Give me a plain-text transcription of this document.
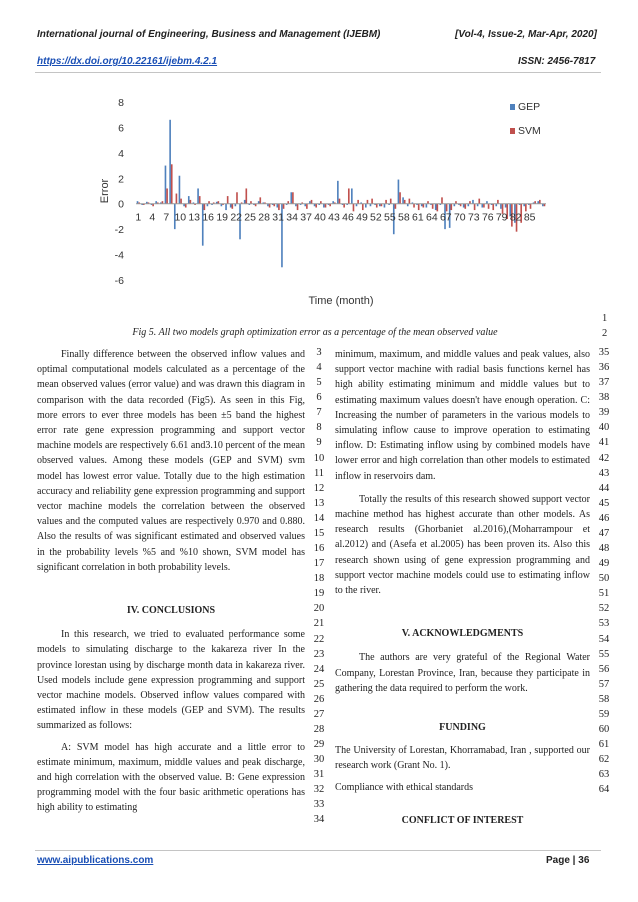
International journal of Engineering, Business and Management (IJEBM)	[Vol-4, Issue-2, Mar-Apr, 2020]
https://dx.doi.org/10.22161/ijebm.4.2.1	ISSN: 2456-7817
8
6
4
2
0
-2
-4
-6
1 4 7 10 13 16 19 22 25 28 31 34 37 40 43 46 49 52 55 58 61 64 67 70 73 76 79 82 85
Error
Time (month)
GEP
SVM
Fig 5. All two models graph optimization error as a percentage of the mean observed value
1
2

Finally difference between the observed inflow values and optimal computational models calculated as a percentage of the mean observed values (error value) and was drawn this diagram in comparison with the data recorded (Fig5). As seen in this Fig, more errors to ever three models has been ±5 band the highest error rate gene expression programming and support vector machine models are respectively 6.61 and3.10 percent of the mean observed values. Among these models (GEP and SVM) svm model has lowest error value. Totally due to the high estimation accuracy and reliability gene expression programming and support vector machine models the correlation between the observed values and the computed values are respectively 0.970 and 0.880. Also the results of was significant estimated and observed values in the probability levels %5 and %10 shown, SVM model has significant correlation in both probability levels.

IV. CONCLUSIONS

In this research, we tried to evaluated performance some models to simulating discharge to the kakareza river In the province lorestan using by discharge month data in kakareza river. Used models include gene expression programming and support vector machine models. Observed inflow values compared with estimated inflow in these models (GEP and SVM). The results summarized as follows:

A: SVM model has high accurate and a little error to estimate minimum, maximum, middle values and peak discharge, and high correlation with the observed value. B: Gene expression programming model with the four basic arithmetic operations has high ability to estimating

3
4
5
6
7
8
9
10
11
12
13
14
15
16
17
18
19
20
21
22
23
24
25
26
27
28
29
30
31
32
33
34

minimum, maximum, and middle values and peak values, also support vector machine with radial basis functions kernel has high ability estimating minimum and middle values but to estimating maximum values doesn't have enough operation. C: Increasing the number of parameters in the various models to simulating inflow cause to improve operation to estimating inflow. D: Estimating inflow using by combined models have lower error and high correlation than other models to estimated inflow in reservoirs dam.

Totally the results of this research showed support vector machine method has highest accurate than other models. As research results (Ghorbaniet al.2016),(Moharrampour et al.2012) and (Asefa et al.2005) has been proven its. Also this research shown using of gene expression programming and support vector machine models could use to estimating inflow to the river.

V. ACKNOWLEDGMENTS

The authors are very grateful of the Regional Water Company, Lorestan Province, Iran, because they participate in gathering the data required to perform the work.

FUNDING

The University of Lorestan, Khorramabad, Iran , supported our research work (Grant No. 1).

Compliance with ethical standards

CONFLICT OF INTEREST

35
36
37
38
39
40
41
42
43
44
45
46
47
48
49
50
51
52
53
54
55
56
57
58
59
60
61
62
63
64
www.aipublications.com	Page | 36
